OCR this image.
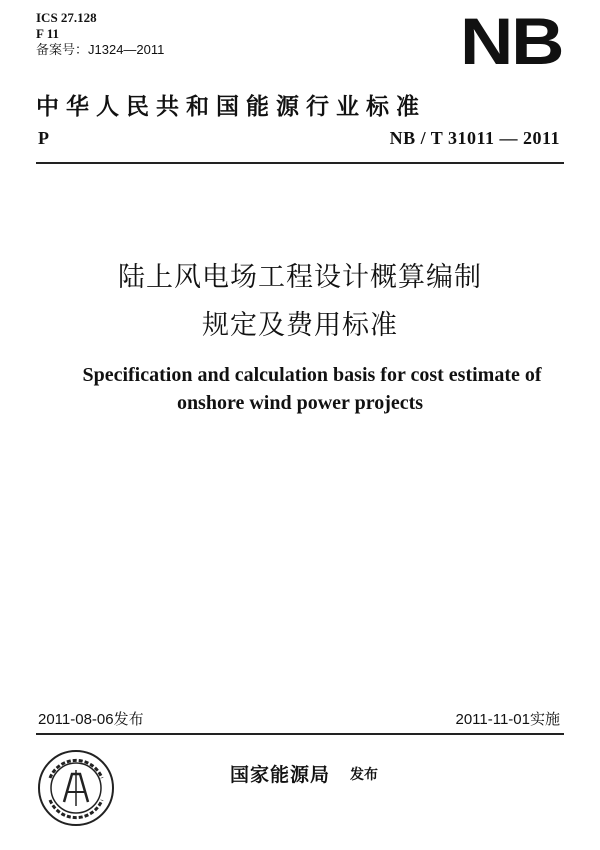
ICS 27.128
F 11
备案号：J1324—2011	NB
中华人民共和国能源行业标准
P	NB / T 31011 — 2011
陆上风电场工程设计概算编制
规定及费用标准
Specification and calculation basis for cost estimate of
onshore wind power projects
2011-08-06发布	2011-11-01实施
国家能源局 发布
